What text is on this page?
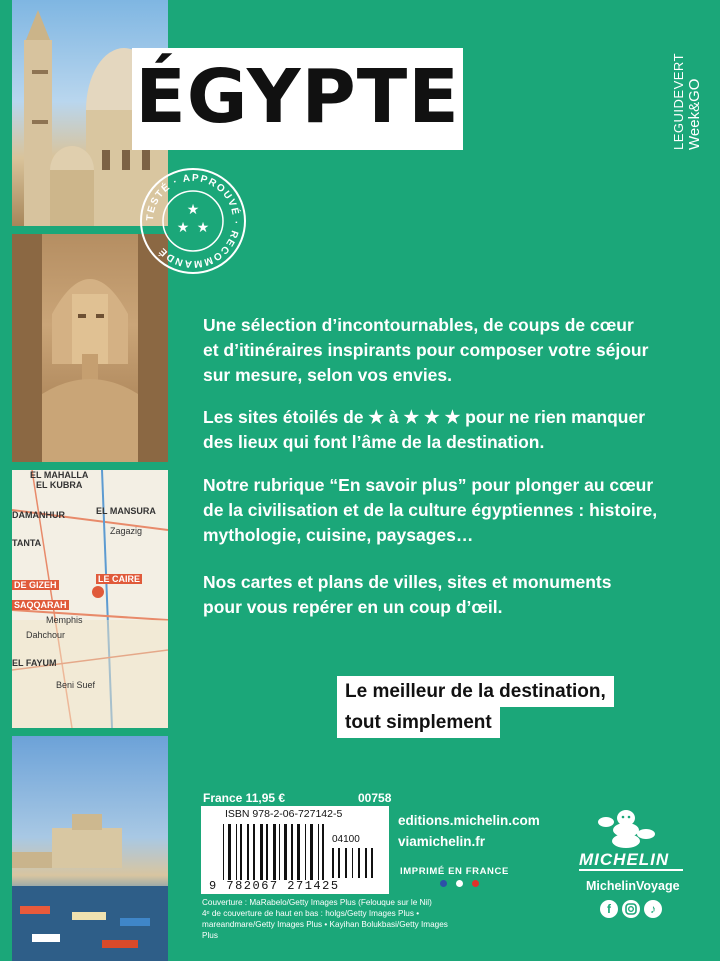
EL MAHALLA
EL KUBRA
DAMANHUR	EL MANSURA
TANTA
Zagazig
DE GIZEH
LE CAIRE
SAQQARAH
Memphis
Dahchour
EL FAYUM
Beni Suef
ÉGYPTE	LEGUIDEVERT Week&GO
TESTÉ · APPROUVÉ · RECOMMANDÉ
★
★ ★
Une sélection d’incontournables, de coups de cœur
et d’itinéraires inspirants pour composer votre séjour
sur mesure, selon vos envies.
Les sites étoilés de ★ à ★ ★ ★ pour ne rien manquer
des lieux qui font l’âme de la destination.
Notre rubrique “En savoir plus” pour plonger au cœur
de la civilisation et de la culture égyptiennes : histoire,
mythologie, cuisine, paysages…
Nos cartes et plans de villes, sites et monuments
pour vous repérer en un coup d’œil.
Le meilleur de la destination,
tout simplement
France 11,95 €	00758
ISBN 978-2-06-727142-5
04100
9 782067 271425
Couverture : MaRabelo/Getty Images Plus (Felouque sur le Nil)
4ᵉ de couverture de haut en bas : holgs/Getty Images Plus •
mareandmare/Getty Images Plus • Kayihan Bolukbasi/Getty Images Plus
editions.michelin.com
viamichelin.fr
IMPRIMÉ EN FRANCE
MICHELIN
MichelinVoyage
f	♪
